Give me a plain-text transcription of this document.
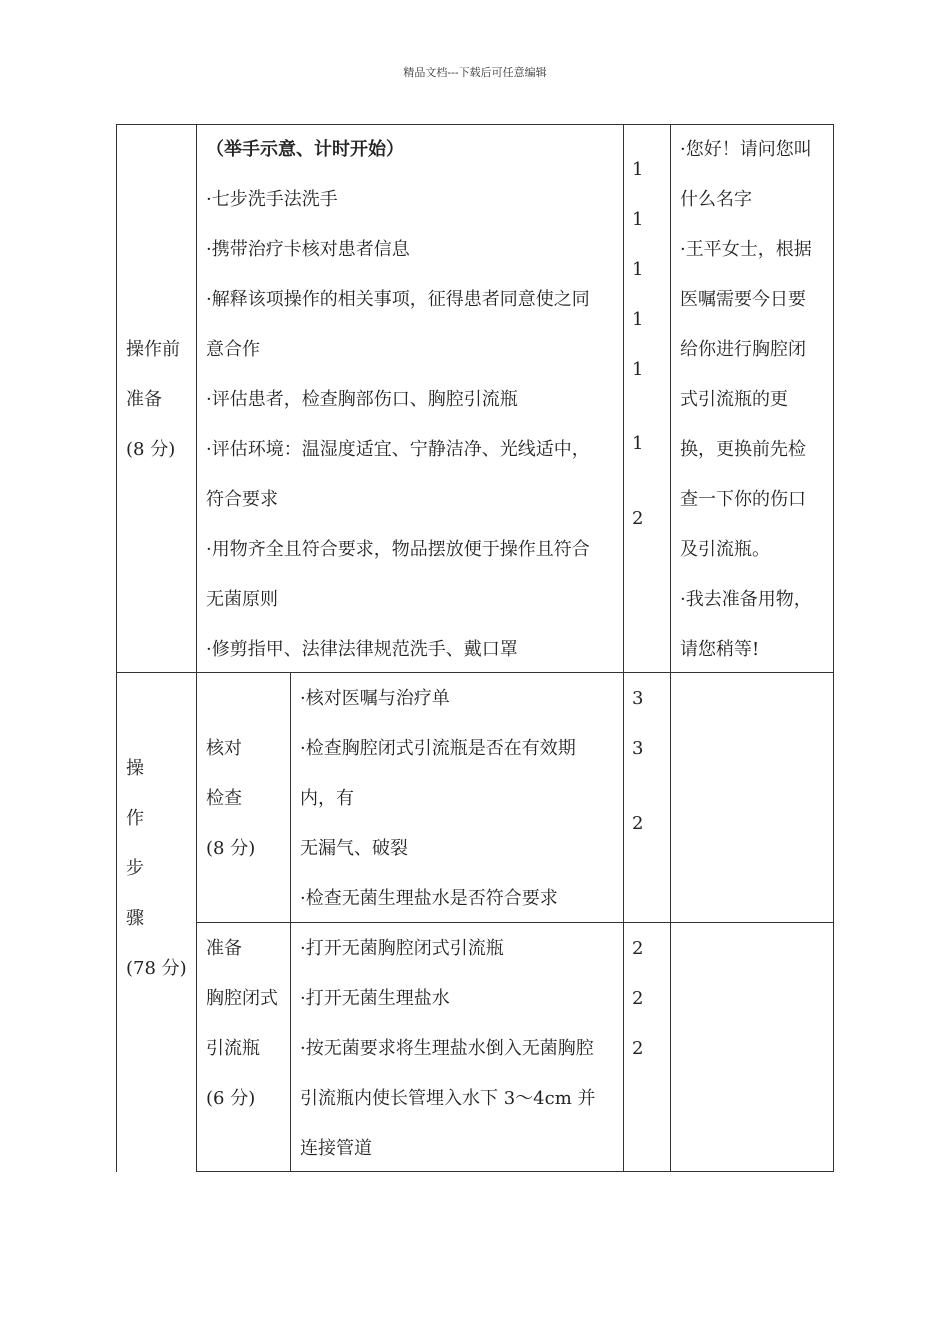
精品文档---下载后可任意编辑
操作前
准备
(8 分)
（举手示意、计时开始）
·七步洗手法洗手
·携带治疗卡核对患者信息
·解释该项操作的相关事项，征得患者同意使之同
意合作
·评估患者，检查胸部伤口、胸腔引流瓶
·评估环境：温湿度适宜、宁静洁净、光线适中，
符合要求
·用物齐全且符合要求，物品摆放便于操作且符合
无菌原则
·修剪指甲、法律法律规范洗手、戴口罩
1
1
1
1
1
1
2
·您好！请问您叫
什么名字
·王平女士，根据
医嘱需要今日要
给你进行胸腔闭
式引流瓶的更
换，更换前先检
查一下你的伤口
及引流瓶。
·我去准备用物，
请您稍等!
操
作
步
骤
(78 分)
核对
检查
(8 分)
·核对医嘱与治疗单
·检查胸腔闭式引流瓶是否在有效期
内，有
无漏气、破裂
·检查无菌生理盐水是否符合要求
3
3
2
准备
胸腔闭式
引流瓶
(6 分)
·打开无菌胸腔闭式引流瓶
·打开无菌生理盐水
·按无菌要求将生理盐水倒入无菌胸腔
引流瓶内使长管埋入水下 3～4cm 并
连接管道
2
2
2
